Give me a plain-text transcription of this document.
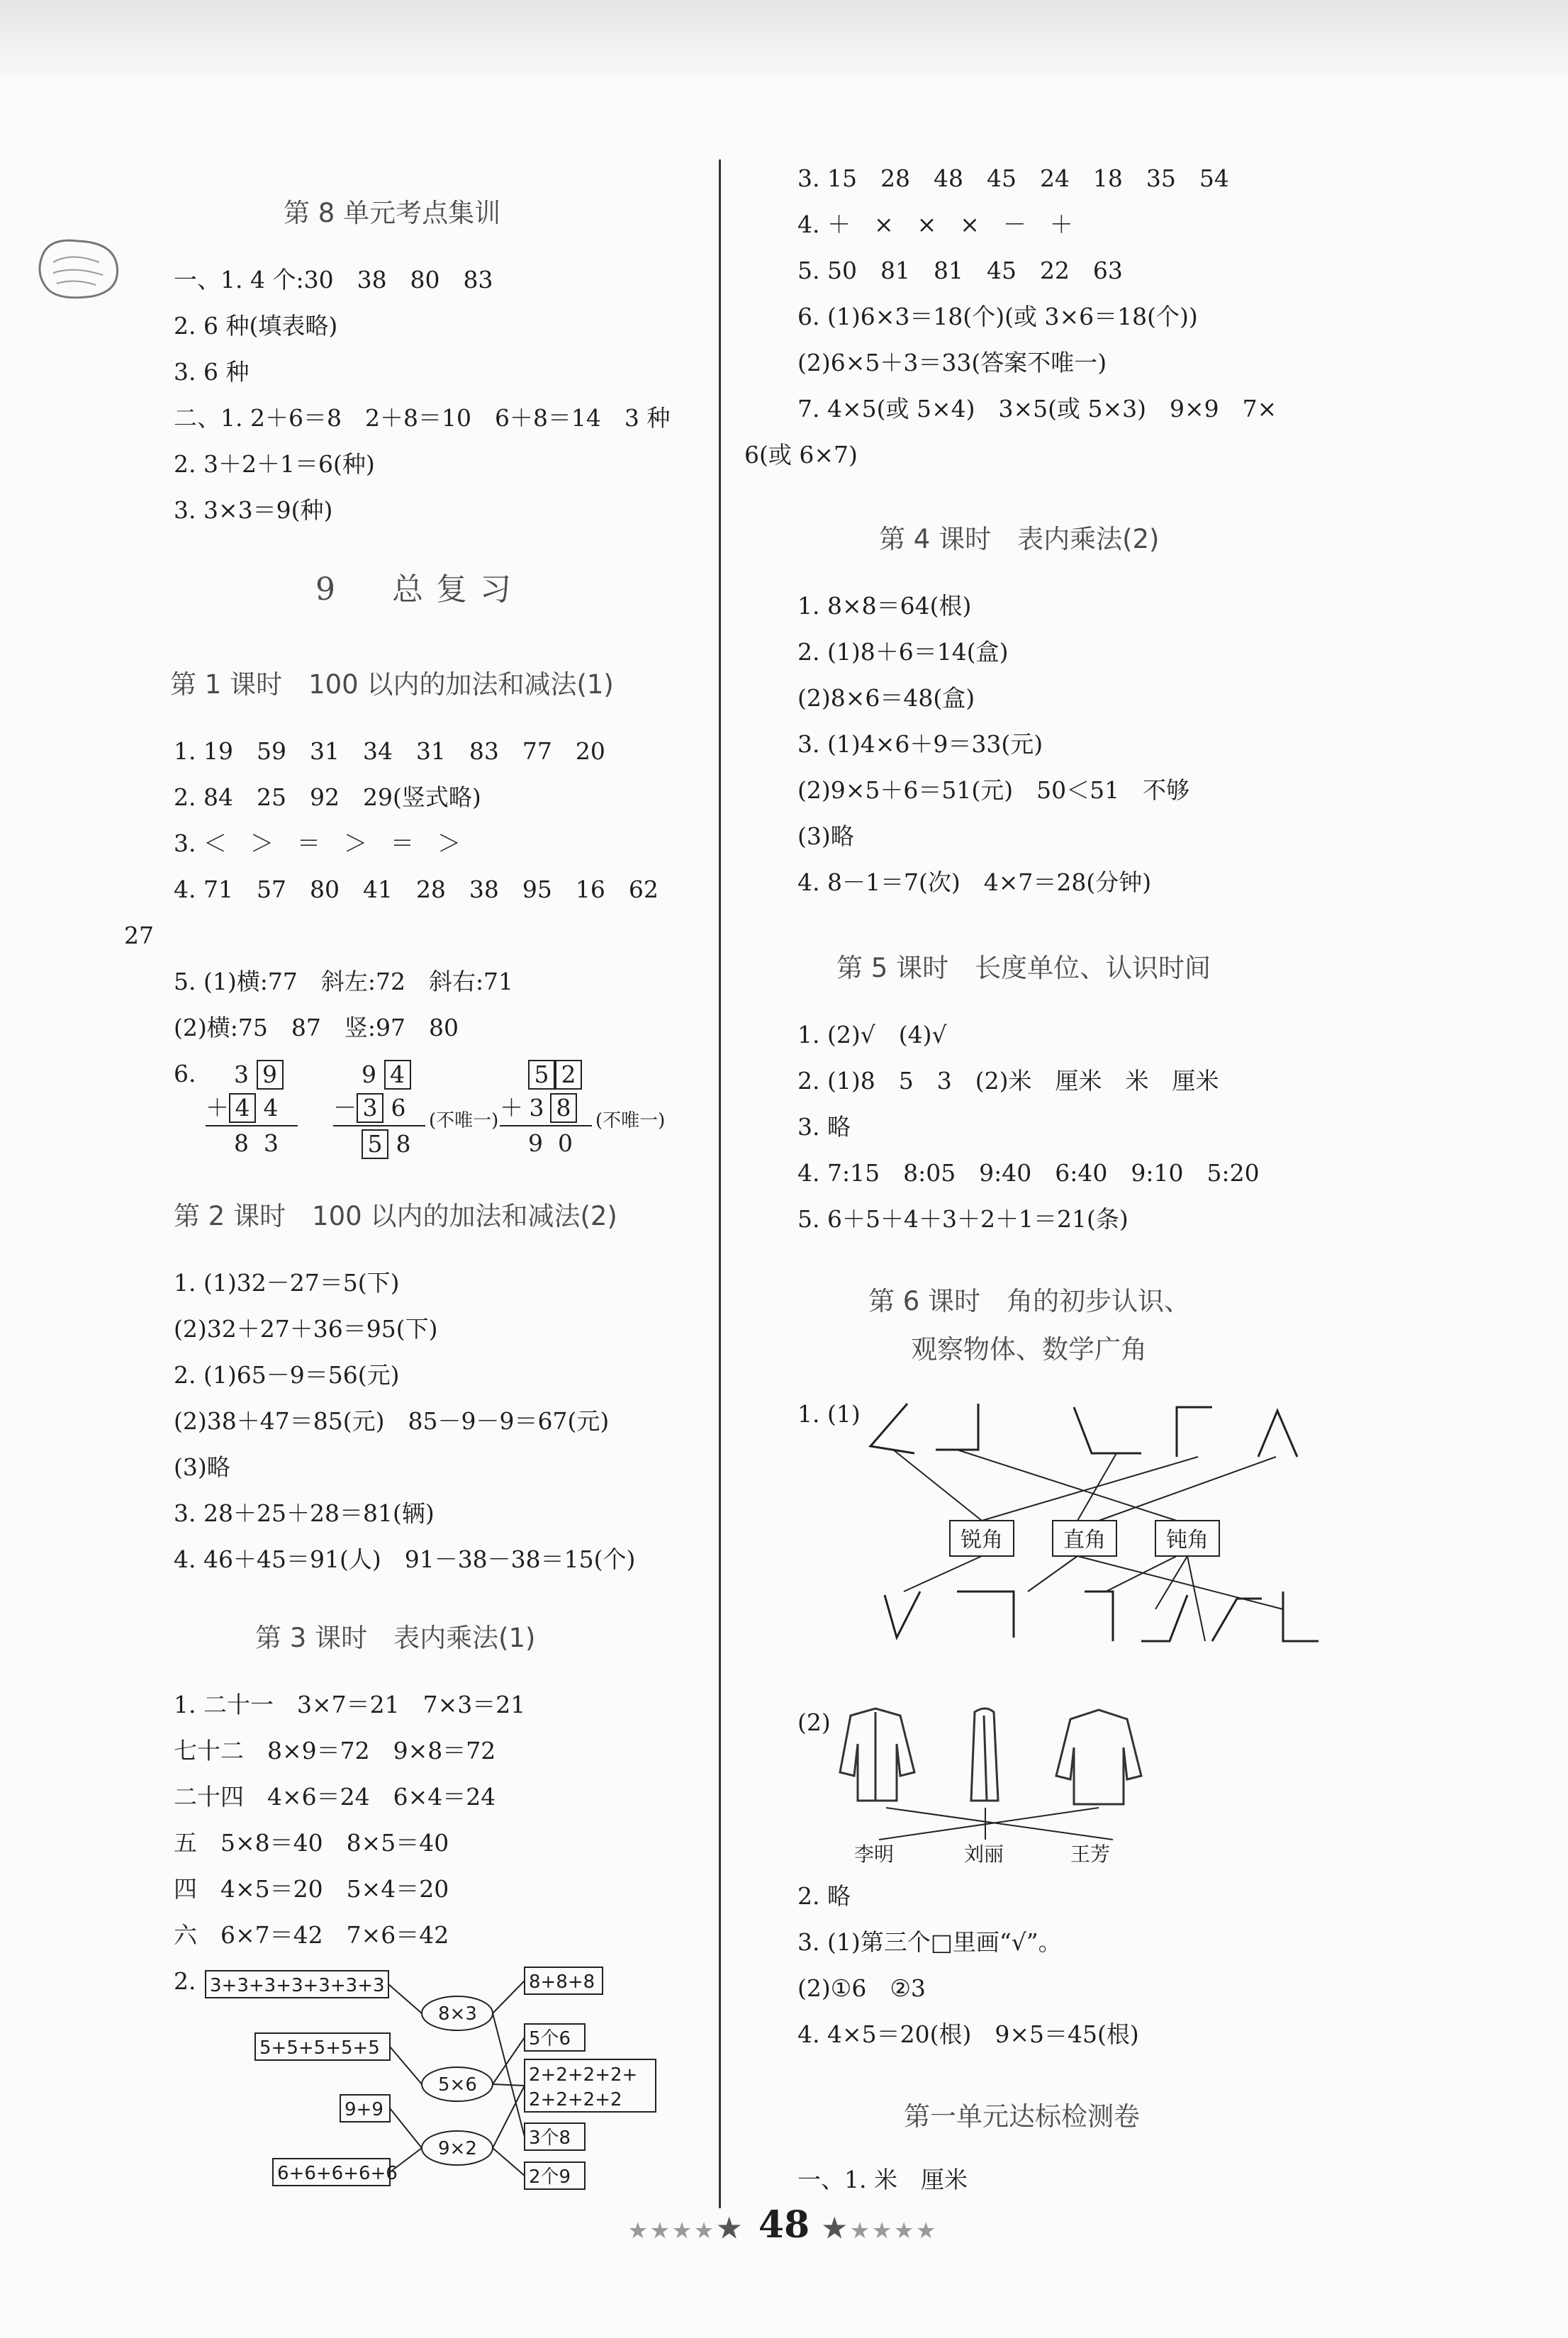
第 8 单元考点集训
一、1. 4 个:30　38　80　83
2. 6 种(填表略)
3. 6 种
二、1. 2＋6＝8　2＋8＝10　6＋8＝14　3 种
2. 3＋2＋1＝6(种)
3. 3×3＝9(种)
9　总复习
第 1 课时　100 以内的加法和减法(1)
1. 19　59　31　34　31　83　77　20
2. 84　25　92　29(竖式略)
3. ＜　＞　＝　＞　＝　＞
4. 71　57　80　41　28　38　95　16　62
27
5. (1)横:77　斜左:72　斜右:71
(2)横:75　87　竖:97　80
6. 3 9
＋ 4 4
8  3
9 4
－ 3 6
5 8
(不唯一)
5 2
＋ 3 8
9  0
(不唯一)
第 2 课时　100 以内的加法和减法(2)
1. (1)32－27＝5(下)
(2)32＋27＋36＝95(下)
2. (1)65－9＝56(元)
(2)38＋47＝85(元)　85－9－9＝67(元)
(3)略
3. 28＋25＋28＝81(辆)
4. 46＋45＝91(人)　91－38－38＝15(个)
第 3 课时　表内乘法(1)
1. 二十一　3×7＝21　7×3＝21
七十二　8×9＝72　9×8＝72
二十四　4×6＝24　6×4＝24
五　5×8＝40　8×5＝40
四　4×5＝20　5×4＝20
六　6×7＝42　7×6＝42
2. 3+3+3+3+3+3+3
5+5+5+5+5
9+9
6+6+6+6+6
8×3
5×6
9×2
8+8+8
5个6
2+2+2+2+
2+2+2+2
3个8
2个9
3. 15　28　48　45　24　18　35　54
4. ＋　×　×　×　－　＋
5. 50　81　81　45　22　63
6. (1)6×3＝18(个)(或 3×6＝18(个))
(2)6×5＋3＝33(答案不唯一)
7. 4×5(或 5×4)　3×5(或 5×3)　9×9　7×
6(或 6×7)
第 4 课时　表内乘法(2)
1. 8×8＝64(根)
2. (1)8＋6＝14(盒)
(2)8×6＝48(盒)
3. (1)4×6＋9＝33(元)
(2)9×5＋6＝51(元)　50＜51　不够
(3)略
4. 8－1＝7(次)　4×7＝28(分钟)
第 5 课时　长度单位、认识时间
1. (2)√　(4)√
2. (1)8　5　3　(2)米　厘米　米　厘米
3. 略
4. 7:15　8:05　9:40　6:40　9:10　5:20
5. 6＋5＋4＋3＋2＋1＝21(条)
第 6 课时　角的初步认识、
观察物体、数学广角
1. (1)
锐角	直角	钝角
(2)
李明	刘丽	王芳
2. 略
3. (1)第三个□里画“√”。
(2)①6　②3
4. 4×5＝20(根)　9×5＝45(根)
第一单元达标检测卷
一、1. 米　厘米
★★★★★ 48 ★★★★★
